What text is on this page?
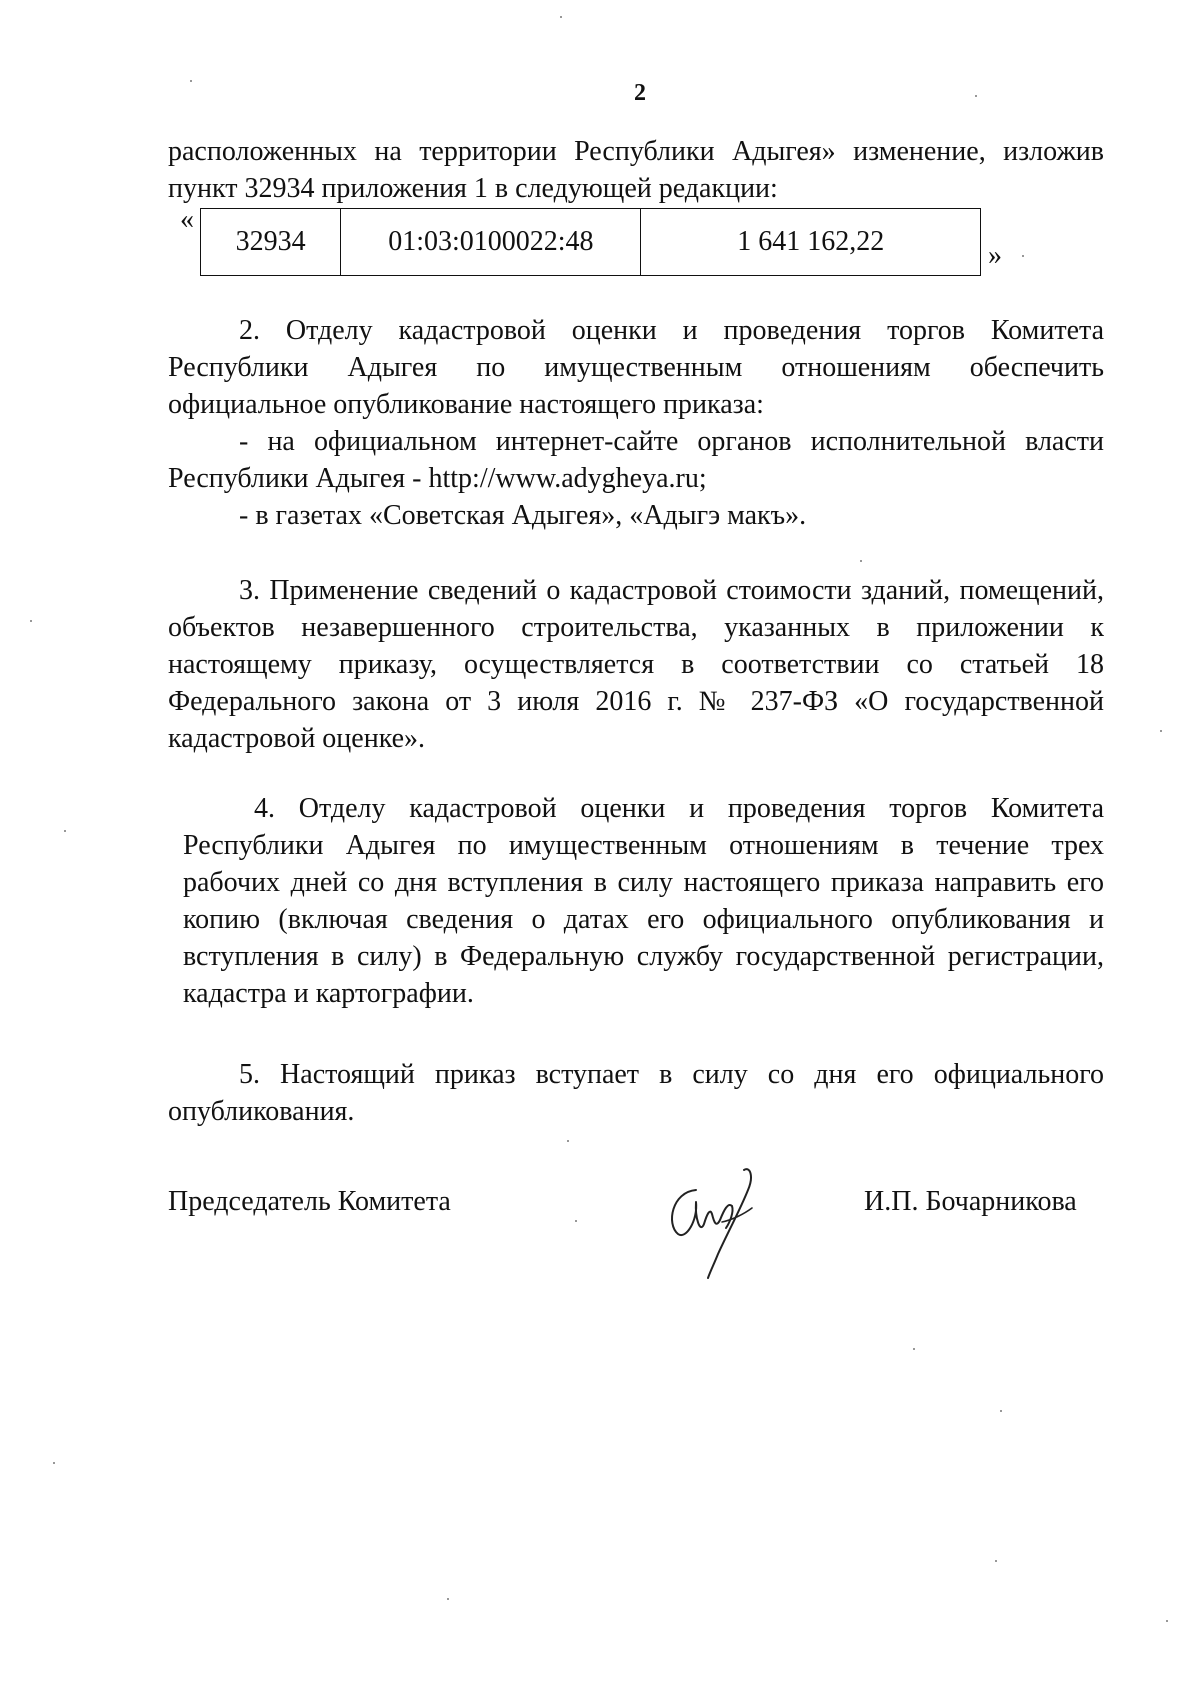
2
расположенных на территории Республики Адыгея» изменение, изложив
пункт 32934 приложения 1 в следующей редакции:
«
32934	01:03:0100022:48	1 641 162,22	»
2. Отделу кадастровой оценки и проведения торгов Комитета
Республики Адыгея по имущественным отношениям обеспечить
официальное опубликование настоящего приказа:
- на официальном интернет-сайте органов исполнительной власти
Республики Адыгея - http://www.adygheya.ru;
- в газетах «Советская Адыгея», «Адыгэ макъ».
3. Применение сведений о кадастровой стоимости зданий, помещений,
объектов незавершенного строительства, указанных в приложении к
настоящему приказу, осуществляется в соответствии со статьей 18
Федерального закона от 3 июля 2016 г. № 237-ФЗ «О государственной
кадастровой оценке».
4. Отделу кадастровой оценки и проведения торгов Комитета
Республики Адыгея по имущественным отношениям в течение трех
рабочих дней со дня вступления в силу настоящего приказа направить его
копию (включая сведения о датах его официального опубликования и
вступления в силу) в Федеральную службу государственной регистрации,
кадастра и картографии.
5. Настоящий приказ вступает в силу со дня его официального
опубликования.
Председатель Комитета	И.П. Бочарникова
